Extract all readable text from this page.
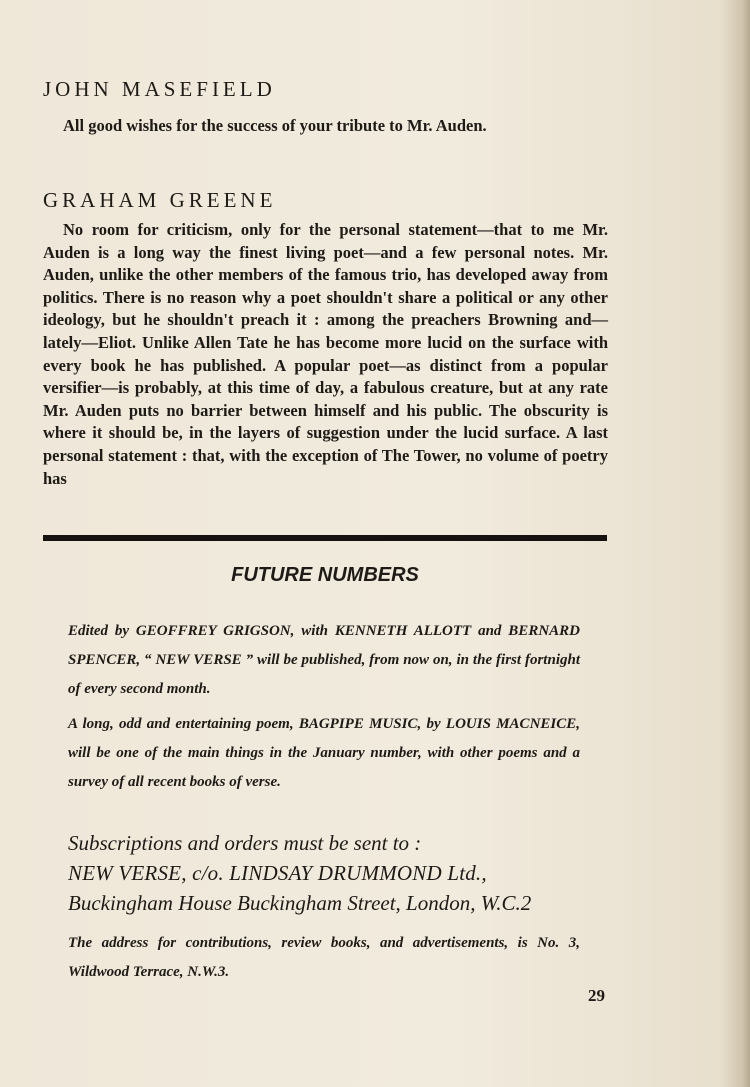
JOHN MASEFIELD

All good wishes for the success of your tribute to Mr. Auden.

GRAHAM GREENE

No room for criticism, only for the personal statement—that to me Mr. Auden is a long way the finest living poet—and a few personal notes. Mr. Auden, unlike the other members of the famous trio, has developed away from politics. There is no reason why a poet shouldn't share a political or any other ideology, but he shouldn't preach it : among the preachers Browning and—lately—Eliot. Unlike Allen Tate he has become more lucid on the surface with every book he has published. A popular poet—as distinct from a popular versifier—is probably, at this time of day, a fabulous creature, but at any rate Mr. Auden puts no barrier between himself and his public. The obscurity is where it should be, in the layers of suggestion under the lucid surface. A last personal statement : that, with the exception of The Tower, no volume of poetry has

FUTURE NUMBERS

Edited by GEOFFREY GRIGSON, with KENNETH ALLOTT and BERNARD SPENCER, “ NEW VERSE ” will be published, from now on, in the first fortnight of every second month.

A long, odd and entertaining poem, BAGPIPE MUSIC, by LOUIS MACNEICE, will be one of the main things in the January number, with other poems and a survey of all recent books of verse.

Subscriptions and orders must be sent to :

NEW VERSE, c/o. LINDSAY DRUMMOND Ltd.,

Buckingham House Buckingham Street, London, W.C.2

The address for contributions, review books, and advertisements, is No. 3, Wildwood Terrace, N.W.3.

29
